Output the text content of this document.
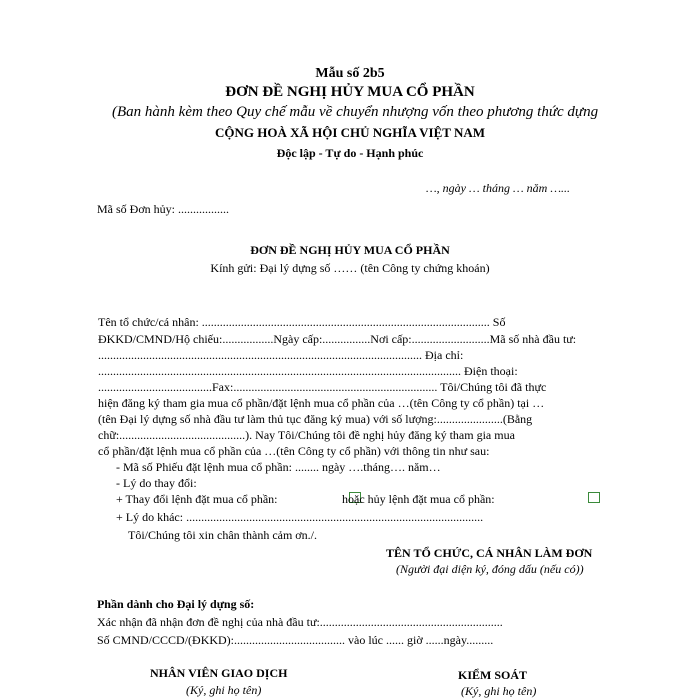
Mẫu số 2b5
ĐƠN ĐỀ NGHỊ HỦY MUA CỔ PHẦN
(Ban hành kèm theo Quy chế mẫu về chuyển nhượng vốn theo phương thức dựng
CỘNG HOÀ XÃ HỘI CHỦ NGHĨA VIỆT NAM
Độc lập - Tự do - Hạnh phúc
…, ngày … tháng … năm …...
Mã số Đơn hủy: .................
ĐƠN ĐỀ NGHỊ HỦY MUA CỔ PHẦN
Kính gửi: Đại lý dựng số …… (tên Công ty chứng khoán)
Tên tổ chức/cá nhân: ................................................................................................ Số
ĐKKD/CMND/Hộ chiếu:.................Ngày cấp:................Nơi cấp:..........................Mã số nhà đầu tư:
............................................................................................................ Địa chỉ:
......................................................................................................................... Điện thoại:
......................................Fax:.................................................................... Tôi/Chúng tôi đã thực
hiện đăng ký tham gia mua cổ phần/đặt lệnh mua cổ phần của …(tên Công ty cổ phần) tại …
(tên Đại lý dựng số nhà đầu tư làm thủ tục đăng ký mua) với số lượng:......................(Bằng
chữ:..........................................). Nay Tôi/Chúng tôi đề nghị hủy đăng ký tham gia mua
cổ phần/đặt lệnh mua cổ phần của …(tên Công ty cổ phần) với thông tin như sau:
- Mã số Phiếu đặt lệnh mua cổ phần: ........ ngày ….tháng…. năm…
- Lý do thay đổi:
+ Thay đổi lệnh đặt mua cổ phần:	hoặc hủy lệnh đặt mua cổ phần:
+ Lý do khác: ...................................................................................................
Tôi/Chúng tôi xin chân thành cảm ơn./.
TÊN TỔ CHỨC, CÁ NHÂN LÀM ĐƠN
(Người đại diện ký, đóng dấu (nếu có))
Phần dành cho Đại lý dựng số:
Xác nhận đã nhận đơn đề nghị của nhà đầu tư:.............................................................
Số CMND/CCCD/(ĐKKD):..................................... vào lúc ...... giờ ......ngày.........
NHÂN VIÊN GIAO DỊCH
(Ký, ghi họ tên)
KIỂM SOÁT
(Ký, ghi họ tên)
